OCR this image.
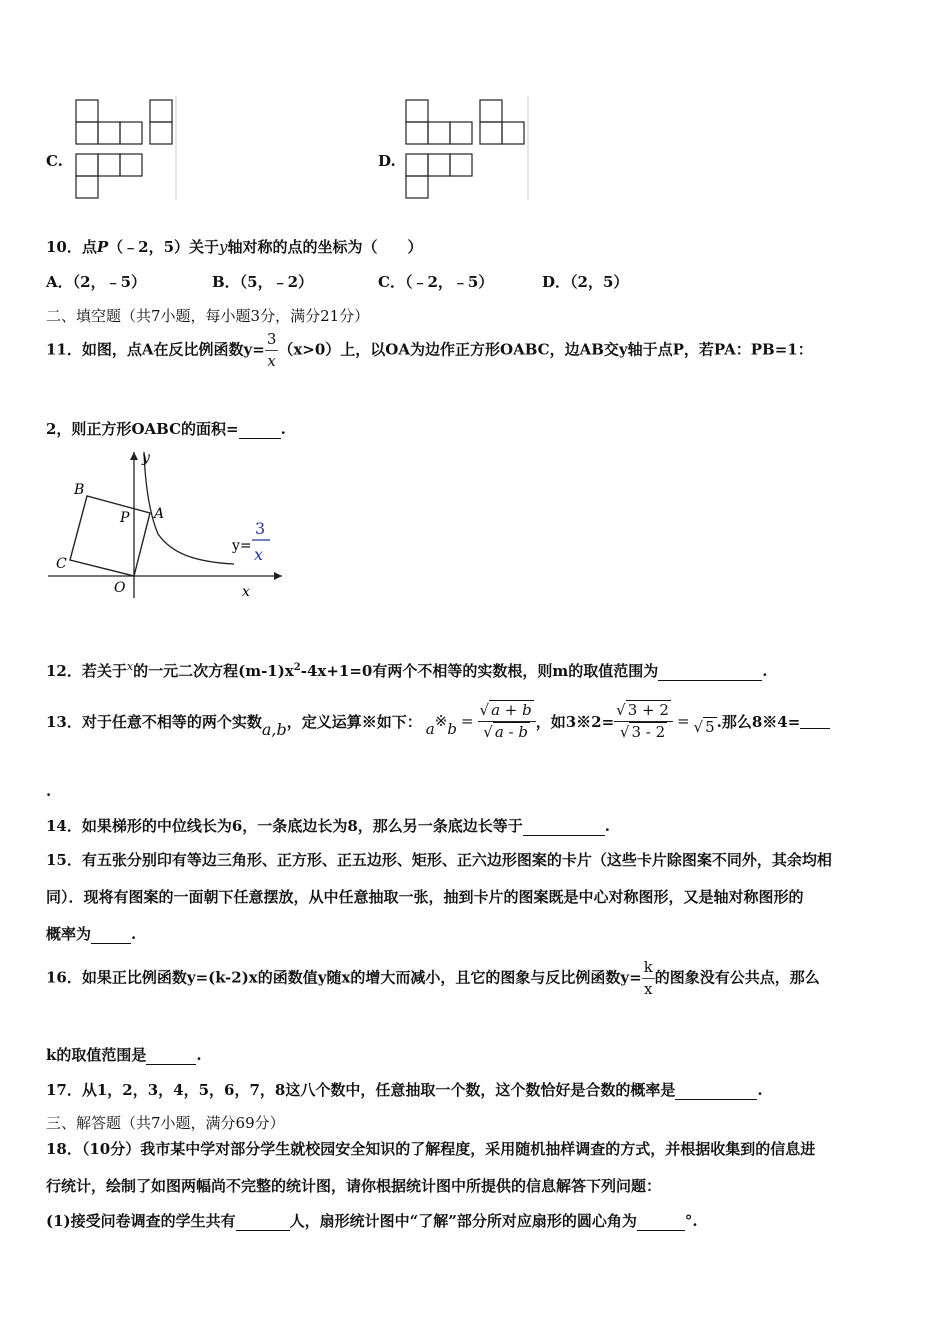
C.	D.
10．点P（﹣2，5）关于y轴对称的点的坐标为（　　）
A．（2，﹣5）	B．（5，﹣2）	C．（﹣2，﹣5）	D．（2，5）
二、填空题（共7小题，每小题3分，满分21分）
11．如图，点A在反比例函数$y= \frac{3}{x} (x>0)$上，以OA为边作正方形OABC，边AB交y轴于点P，若PA：PB=1：
2，则正方形OABC的面积=	.
B
P A
C
O	x
y
y=
3
x
12．若关于$^x$的一元二次方程$(m-1)x^2-4x+1=0$有两个不相等的实数根，则m的取值范围为	.
13．对于任意不相等的两个实数 a,b ，定义运算※如下： a ※ $b = \frac{√ a + b}{√ a - b}$ ，如3※2= $\frac{√ 3 + 2}{√ 3 - 2}$ = √ 5 .那么8※4=
.
14．如果梯形的中位线长为6，一条底边长为8，那么另一条底边长等于	.
15．有五张分别印有等边三角形、正方形、正五边形、矩形、正六边形图案的卡片（这些卡片除图案不同外，其余均相
同）．现将有图案的一面朝下任意摆放，从中任意抽取一张，抽到卡片的图案既是中心对称图形，又是轴对称图形的
概率为	.
16．如果正比例函数y=(k-2)x的函数值y随x的增大而减小，且它的图象与反比例函数$y= \frac{k}{x}$ 的图象没有公共点，那么
k的取值范围是	.
17．从1，2，3，4，5，6，7，8这八个数中，任意抽取一个数，这个数恰好是合数的概率是	.
三、解答题（共7小题，满分69分）
18．（10分）我市某中学对部分学生就校园安全知识的了解程度，采用随机抽样调查的方式，并根据收集到的信息进
行统计，绘制了如图两幅尚不完整的统计图，请你根据统计图中所提供的信息解答下列问题：
(1)接受问卷调查的学生共有	人，扇形统计图中“了解”部分所对应扇形的圆心角为	°.
